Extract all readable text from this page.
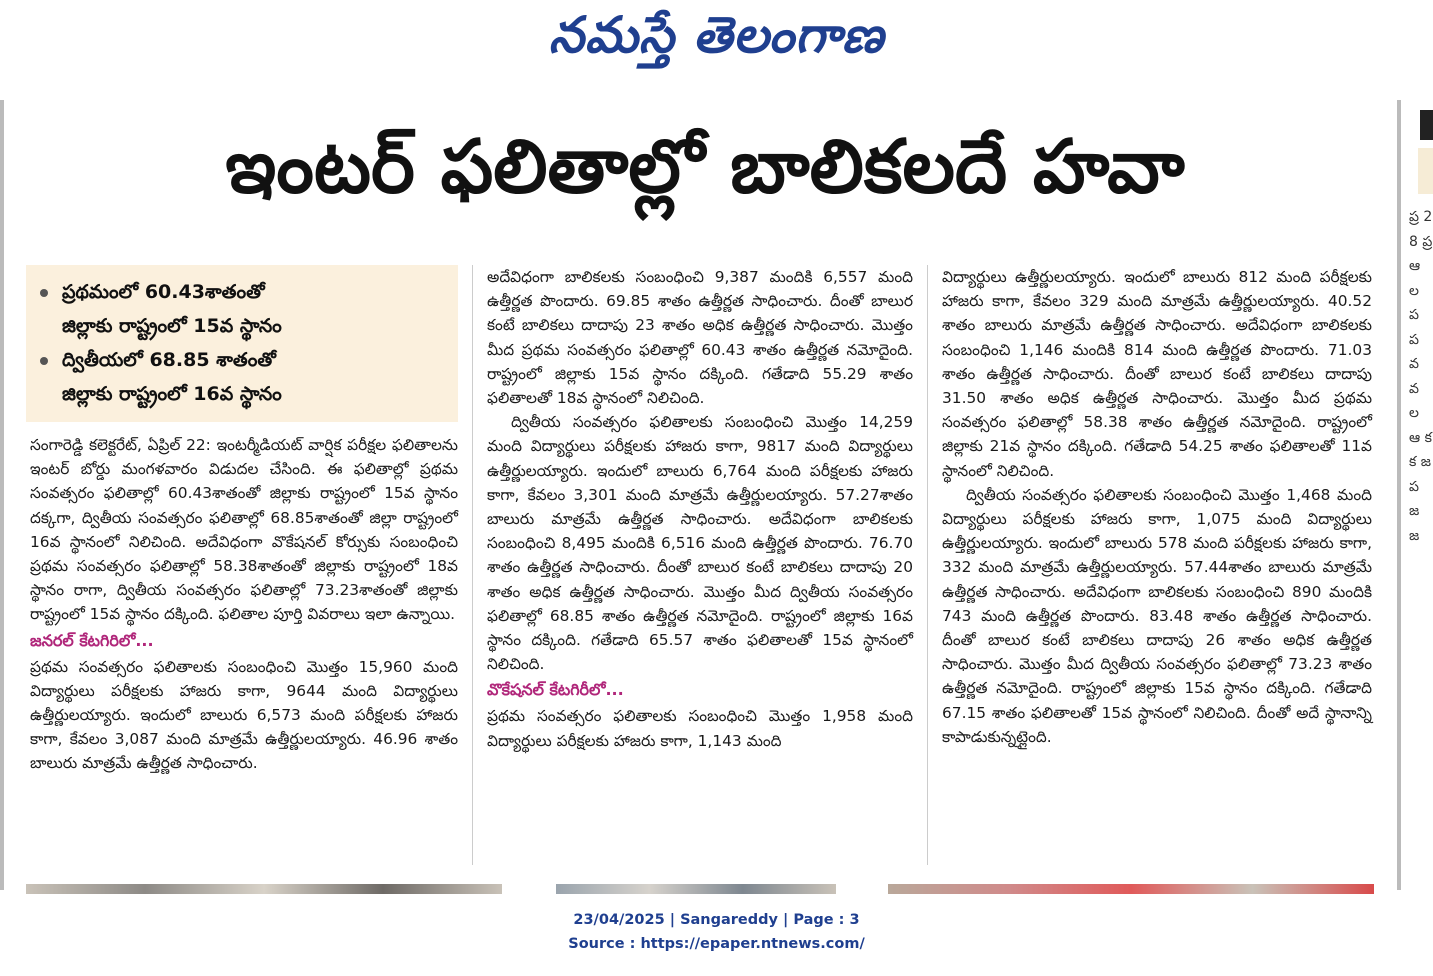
నమస్తే తెలంగాణ
ఇంటర్ ఫలితాల్లో బాలికలదే హవా
ప్రథమంలో 60.43శాతంతో
జిల్లాకు రాష్ట్రంలో 15వ స్థానం
ద్వితీయలో 68.85 శాతంతో
జిల్లాకు రాష్ట్రంలో 16వ స్థానం

సంగారెడ్డి కలెక్టరేట్, ఏప్రిల్ 22: ఇంటర్మీడియట్ వార్షిక పరీక్షల ఫలితాలను ఇంటర్ బోర్డు మంగళవారం విడుదల చేసింది. ఈ ఫలితాల్లో ప్రథమ సంవత్సరం ఫలితాల్లో 60.43శాతంతో జిల్లాకు రాష్ట్రంలో 15వ స్థానం దక్కగా, ద్వితీయ సంవత్సరం ఫలితాల్లో 68.85శాతంతో జిల్లా రాష్ట్రంలో 16వ స్థానంలో నిలిచింది. అదేవిధంగా వొకేషనల్ కోర్సుకు సంబంధించి ప్రథమ సంవత్సరం ఫలితాల్లో 58.38శాతంతో జిల్లాకు రాష్ట్రంలో 18వ స్థానం రాగా, ద్వితీయ సంవత్సరం ఫలితాల్లో 73.23శాతంతో జిల్లాకు రాష్ట్రంలో 15వ స్థానం దక్కింది. ఫలితాల పూర్తి వివరాలు ఇలా ఉన్నాయి.

జనరల్ కేటగిరిలో...

ప్రథమ సంవత్సరం ఫలితాలకు సంబంధించి మొత్తం 15,960 మంది విద్యార్థులు పరీక్షలకు హాజరు కాగా, 9644 మంది విద్యార్థులు ఉత్తీర్ణులయ్యారు. ఇందులో బాలురు 6,573 మంది పరీక్షలకు హాజరు కాగా, కేవలం 3,087 మంది మాత్రమే ఉత్తీర్ణులయ్యారు. 46.96 శాతం బాలురు మాత్రమే ఉత్తీర్ణత సాధించారు.

అదేవిధంగా బాలికలకు సంబంధించి 9,387 మందికి 6,557 మంది ఉత్తీర్ణత పొందారు. 69.85 శాతం ఉత్తీర్ణత సాధించారు. దీంతో బాలుర కంటే బాలికలు దాదాపు 23 శాతం అధిక ఉత్తీర్ణత సాధించారు. మొత్తం మీద ప్రథమ సంవత్సరం ఫలితాల్లో 60.43 శాతం ఉత్తీర్ణత నమోదైంది. రాష్ట్రంలో జిల్లాకు 15వ స్థానం దక్కింది. గతేడాది 55.29 శాతం ఫలితాలతో 18వ స్థానంలో నిలిచింది.

ద్వితీయ సంవత్సరం ఫలితాలకు సంబంధించి మొత్తం 14,259 మంది విద్యార్థులు పరీక్షలకు హాజరు కాగా, 9817 మంది విద్యార్థులు ఉత్తీర్ణులయ్యారు. ఇందులో బాలురు 6,764 మంది పరీక్షలకు హాజరు కాగా, కేవలం 3,301 మంది మాత్రమే ఉత్తీర్ణులయ్యారు. 57.27శాతం బాలురు మాత్రమే ఉత్తీర్ణత సాధించారు. అదేవిధంగా బాలికలకు సంబంధించి 8,495 మందికి 6,516 మంది ఉత్తీర్ణత పొందారు. 76.70 శాతం ఉత్తీర్ణత సాధించారు. దీంతో బాలుర కంటే బాలికలు దాదాపు 20 శాతం అధిక ఉత్తీర్ణత సాధించారు. మొత్తం మీద ద్వితీయ సంవత్సరం ఫలితాల్లో 68.85 శాతం ఉత్తీర్ణత నమోదైంది. రాష్ట్రంలో జిల్లాకు 16వ స్థానం దక్కింది. గతేడాది 65.57 శాతం ఫలితాలతో 15వ స్థానంలో నిలిచింది.

వొకేషనల్ కేటగిరీలో...

ప్రథమ సంవత్సరం ఫలితాలకు సంబంధించి మొత్తం 1,958 మంది విద్యార్థులు పరీక్షలకు హాజరు కాగా, 1,143 మంది

విద్యార్థులు ఉత్తీర్ణులయ్యారు. ఇందులో బాలురు 812 మంది పరీక్షలకు హాజరు కాగా, కేవలం 329 మంది మాత్రమే ఉత్తీర్ణులయ్యారు. 40.52 శాతం బాలురు మాత్రమే ఉత్తీర్ణత సాధించారు. అదేవిధంగా బాలికలకు సంబంధించి 1,146 మందికి 814 మంది ఉత్తీర్ణత పొందారు. 71.03 శాతం ఉత్తీర్ణత సాధించారు. దీంతో బాలుర కంటే బాలికలు దాదాపు 31.50 శాతం అధిక ఉత్తీర్ణత సాధించారు. మొత్తం మీద ప్రథమ సంవత్సరం ఫలితాల్లో 58.38 శాతం ఉత్తీర్ణత నమోదైంది. రాష్ట్రంలో జిల్లాకు 21వ స్థానం దక్కింది. గతేడాది 54.25 శాతం ఫలితాలతో 11వ స్థానంలో నిలిచింది.

ద్వితీయ సంవత్సరం ఫలితాలకు సంబంధించి మొత్తం 1,468 మంది విద్యార్థులు పరీక్షలకు హాజరు కాగా, 1,075 మంది విద్యార్థులు ఉత్తీర్ణులయ్యారు. ఇందులో బాలురు 578 మంది పరీక్షలకు హాజరు కాగా, 332 మంది మాత్రమే ఉత్తీర్ణులయ్యారు. 57.44శాతం బాలురు మాత్రమే ఉత్తీర్ణత సాధించారు. అదేవిధంగా బాలికలకు సంబంధించి 890 మందికి 743 మంది ఉత్తీర్ణత పొందారు. 83.48 శాతం ఉత్తీర్ణత సాధించారు. దీంతో బాలుర కంటే బాలికలు దాదాపు 26 శాతం అధిక ఉత్తీర్ణత సాధించారు. మొత్తం మీద ద్వితీయ సంవత్సరం ఫలితాల్లో 73.23 శాతం ఉత్తీర్ణత నమోదైంది. రాష్ట్రంలో జిల్లాకు 15వ స్థానం దక్కింది. గతేడాది 67.15 శాతం ఫలితాలతో 15వ స్థానంలో నిలిచింది. దీంతో అదే స్థానాన్ని కాపాడుకున్నట్లైంది.

ప్ర 2 8 ప్ర ఆ ల ప ప వ వ ల ఆ క క జ ప జ జ
23/04/2025 | Sangareddy | Page : 3
Source : https://epaper.ntnews.com/
